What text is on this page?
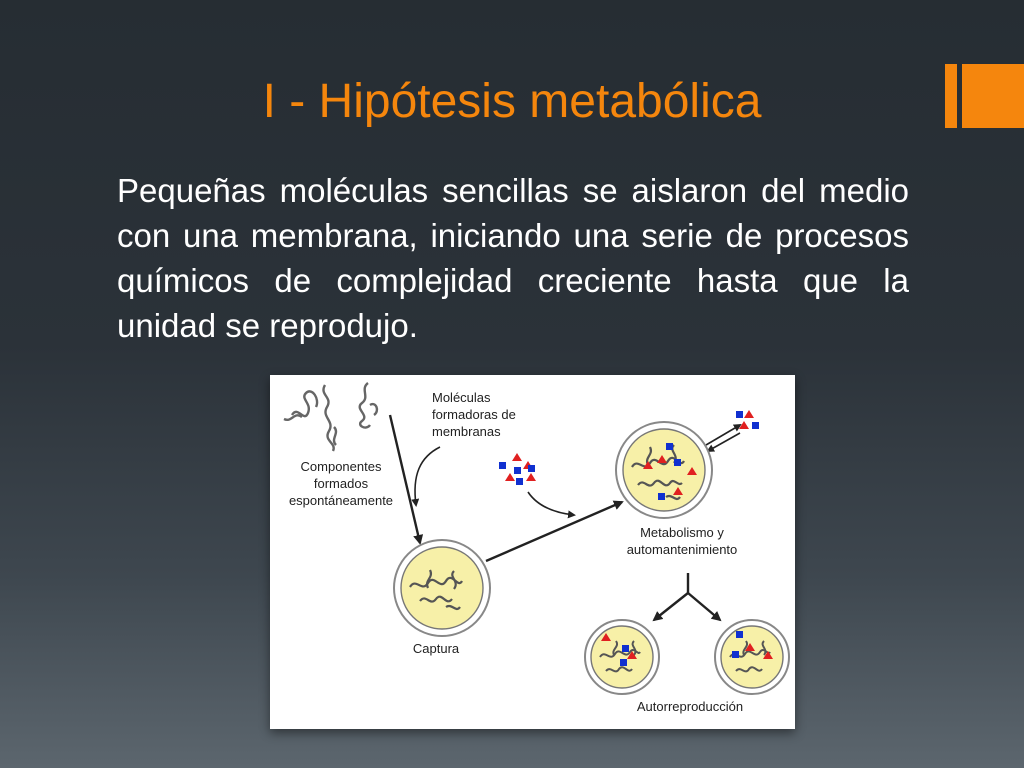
I - Hipótesis metabólica

Pequeñas moléculas sencillas se aislaron del medio con una membrana, iniciando una serie de procesos químicos de complejidad creciente hasta que la unidad se reprodujo.

Componentes
formados
espontáneamente
Moléculas
formadoras de
membranas
Captura
Metabolismo y
automantenimiento
Autorreproducción
